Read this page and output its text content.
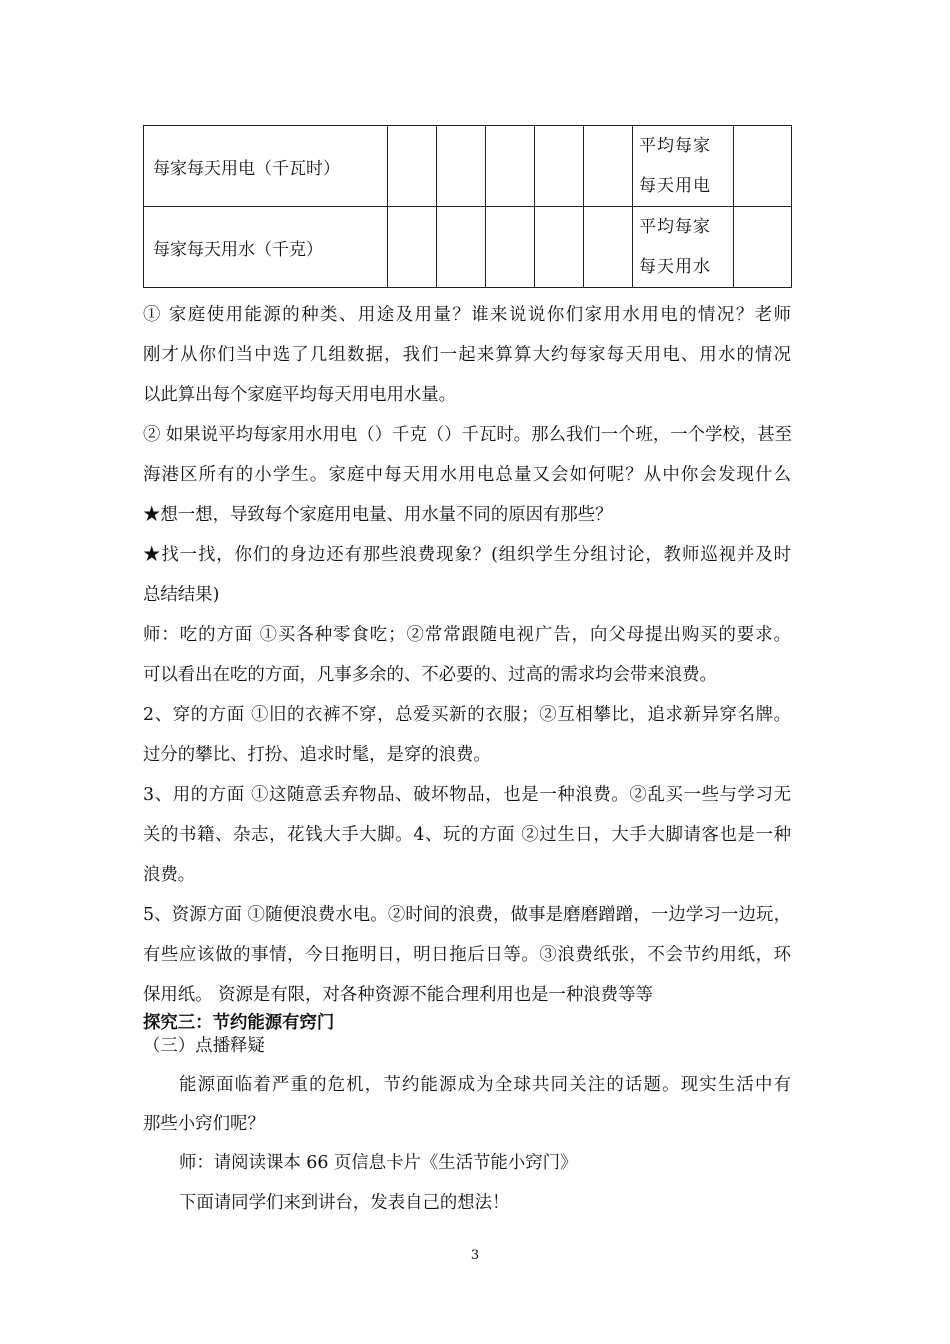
每家每天用电（千瓦时）						平均每家
每天用电	

每家每天用水（千克）						平均每家
每天用水	

① 家庭使用能源的种类、用途及用量？谁来说说你们家用水用电的情况？老师
刚才从你们当中选了几组数据，我们一起来算算大约每家每天用电、用水的情况
以此算出每个家庭平均每天用电用水量。
② 如果说平均每家用水用电（）千克（）千瓦时。那么我们一个班，一个学校，甚至
海港区所有的小学生。家庭中每天用水用电总量又会如何呢？从中你会发现什么
★想一想，导致每个家庭用电量、用水量不同的原因有那些？
★找一找，你们的身边还有那些浪费现象？(组织学生分组讨论，教师巡视并及时
总结结果)
师：吃的方面 ①买各种零食吃；②常常跟随电视广告，向父母提出购买的要求。
可以看出在吃的方面，凡事多余的、不必要的、过高的需求均会带来浪费。
2、穿的方面 ①旧的衣裤不穿，总爱买新的衣服；②互相攀比，追求新异穿名牌。
过分的攀比、打扮、追求时髦，是穿的浪费。
3、用的方面 ①这随意丢弃物品、破坏物品，也是一种浪费。②乱买一些与学习无
关的书籍、杂志，花钱大手大脚。4、玩的方面 ②过生日，大手大脚请客也是一种
浪费。
5、资源方面 ①随便浪费水电。②时间的浪费，做事是磨磨蹭蹭，一边学习一边玩，
有些应该做的事情，今日拖明日，明日拖后日等。③浪费纸张，不会节约用纸，环
保用纸。 资源是有限，对各种资源不能合理利用也是一种浪费等等
探究三：节约能源有窍门
（三）点播释疑
能源面临着严重的危机，节约能源成为全球共同关注的话题。现实生活中有
那些小窍们呢？
师：请阅读课本 66 页信息卡片《生活节能小窍门》
下面请同学们来到讲台，发表自己的想法！
3
